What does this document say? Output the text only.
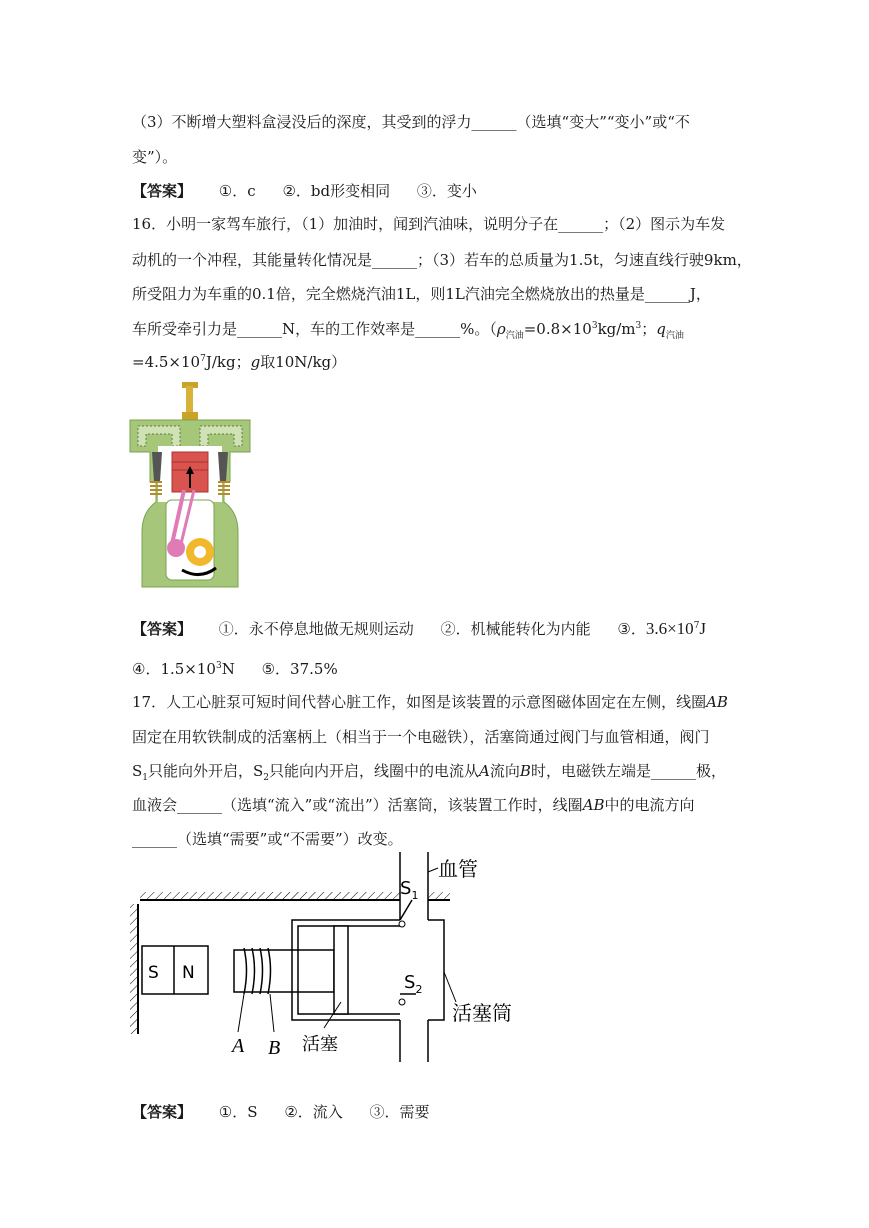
（3）不断增大塑料盒浸没后的深度，其受到的浮力______（选填“变大”“变小”或“不
变”）。
【答案】 ①．c ②．bd形变相同 ③．变小
16．小明一家驾车旅行，（1）加油时，闻到汽油味，说明分子在______；（2）图示为车发
动机的一个冲程，其能量转化情况是______；（3）若车的总质量为1.5t，匀速直线行驶9km，
所受阻力为车重的0.1倍，完全燃烧汽油1L，则1L汽油完全燃烧放出的热量是______J，
车所受牵引力是______N，车的工作效率是______%。（$\rho_{汽油}=0.8\times 10^3kg/m^3$；$q_{汽油}$
$=4.5\times 10^7J/kg$；g取10N/kg）
【答案】 ①．永不停息地做无规则运动 ②．机械能转化为内能 ③．$3.6\times 10^7J$
④．$1.5\times 10^3N$ ⑤．37.5%
17．人工心脏泵可短时间代替心脏工作，如图是该装置的示意图磁体固定在左侧，线圈AB
固定在用软铁制成的活塞柄上（相当于一个电磁铁），活塞筒通过阀门与血管相通，阀门
$S_1$只能向外开启，$S_2$只能向内开启，线圈中的电流从A流向B时，电磁铁左端是______极，
血液会______（选填“流入”或“流出”）活塞筒，该装置工作时，线圈AB中的电流方向
______（选填“需要”或“不需要”）改变。
S N
A B 活塞
$S_1$
$S_2$
血管
活塞筒
【答案】 ①．S ②．流入 ③．需要
